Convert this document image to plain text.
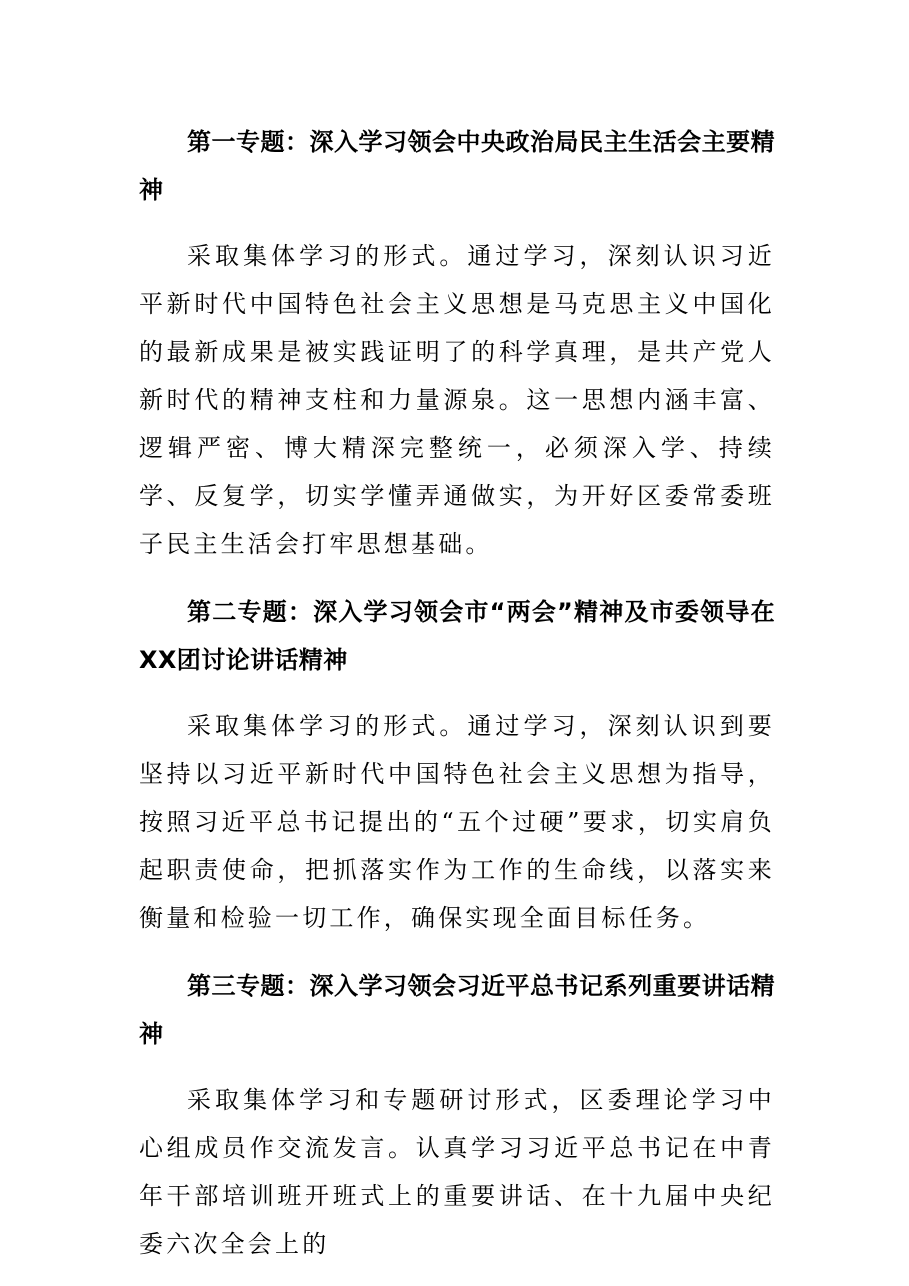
第一专题：深入学习领会中央政治局民主生活会主要精神

采取集体学习的形式。通过学习，深刻认识习近平新时代中国特色社会主义思想是马克思主义中国化的最新成果是被实践证明了的科学真理，是共产党人新时代的精神支柱和力量源泉。这一思想内涵丰富、逻辑严密、博大精深完整统一，必须深入学、持续学、反复学，切实学懂弄通做实，为开好区委常委班子民主生活会打牢思想基础。

第二专题：深入学习领会市“两会”精神及市委领导在XX团讨论讲话精神

采取集体学习的形式。通过学习，深刻认识到要坚持以习近平新时代中国特色社会主义思想为指导，按照习近平总书记提出的“五个过硬”要求，切实肩负起职责使命，把抓落实作为工作的生命线，以落实来衡量和检验一切工作，确保实现全面目标任务。

第三专题：深入学习领会习近平总书记系列重要讲话精神

采取集体学习和专题研讨形式，区委理论学习中心组成员作交流发言。认真学习习近平总书记在中青年干部培训班开班式上的重要讲话、在十九届中央纪委六次全会上的
